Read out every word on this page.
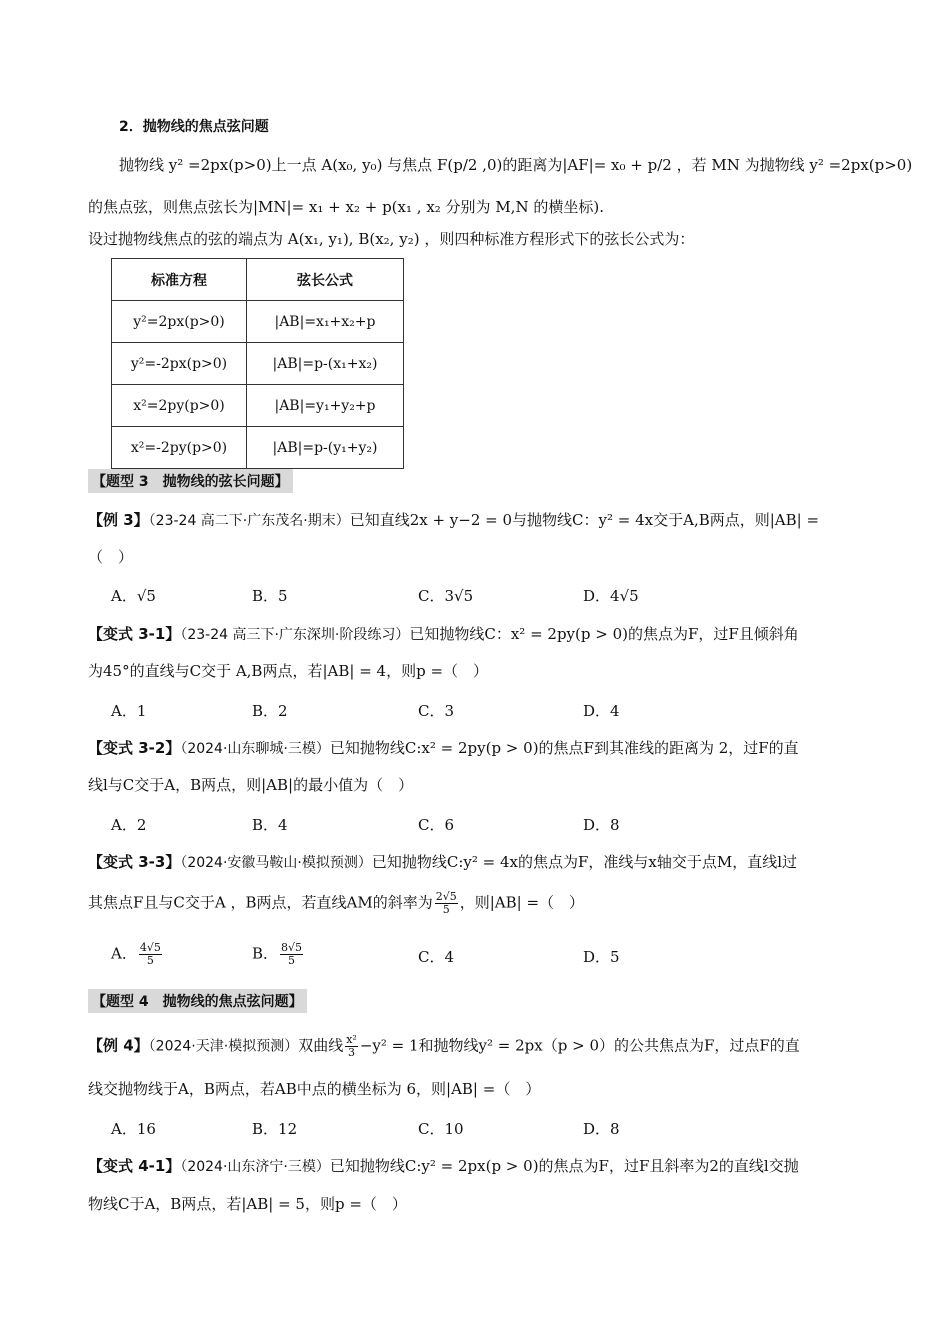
2．抛物线的焦点弦问题
抛物线 y² =2px(p>0)上一点 A(x₀, y₀) 与焦点 F(p/2 ,0)的距离为|AF|= x₀ + p/2 ，若 MN 为抛物线 y² =2px(p>0)
的焦点弦，则焦点弦长为|MN|= x₁ + x₂ + p(x₁ , x₂ 分别为 M,N 的横坐标).
设过抛物线焦点的弦的端点为 A(x₁, y₁), B(x₂, y₂) ，则四种标准方程形式下的弦长公式为：
标准方程	弦长公式
y²=2px(p>0)	|AB|=x₁+x₂+p
y²=-2px(p>0)	|AB|=p-(x₁+x₂)
x²=2py(p>0)	|AB|=y₁+y₂+p
x²=-2py(p>0)	|AB|=p-(y₁+y₂)
【题型 3　抛物线的弦长问题】
【例 3】（23-24 高二下·广东茂名·期末）已知直线2x + y−2 = 0与抛物线C：y² = 4x交于A,B两点，则|AB| =
（　）
A．√5	B．5	C．3√5	D．4√5
【变式 3-1】（23-24 高三下·广东深圳·阶段练习）已知抛物线C：x² = 2py(p > 0)的焦点为F，过F且倾斜角
为45°的直线与C交于 A,B两点，若|AB| = 4，则p =（　）
A．1	B．2	C．3	D．4
【变式 3-2】（2024·山东聊城·三模）已知抛物线C:x² = 2py(p > 0)的焦点F到其准线的距离为 2，过F的直
线l与C交于A，B两点，则|AB|的最小值为（　）
A．2	B．4	C．6	D．8
【变式 3-3】（2024·安徽马鞍山·模拟预测）已知抛物线C:y² = 4x的焦点为F，准线与x轴交于点M，直线l过
其焦点F且与C交于A ，B两点，若直线AM的斜率为 $\frac{2√5}{5}$ ，则|AB| =（　）
A． $\frac{4√5}{5}$	B． $\frac{8√5}{5}$	C．4	D．5
【题型 4　抛物线的焦点弦问题】
【例 4】（2024·天津·模拟预测）双曲线 $\frac{\text{x²}}{3} -y^2 = 1$和抛物线y² = 2px（p > 0）的公共焦点为F，过点F的直
线交抛物线于A，B两点，若AB中点的横坐标为 6，则|AB| =（　）
A．16	B．12	C．10	D．8
【变式 4-1】（2024·山东济宁·三模）已知抛物线C:y² = 2px(p > 0)的焦点为F，过F且斜率为2的直线l交抛
物线C于A，B两点，若|AB| = 5，则p =（　）
